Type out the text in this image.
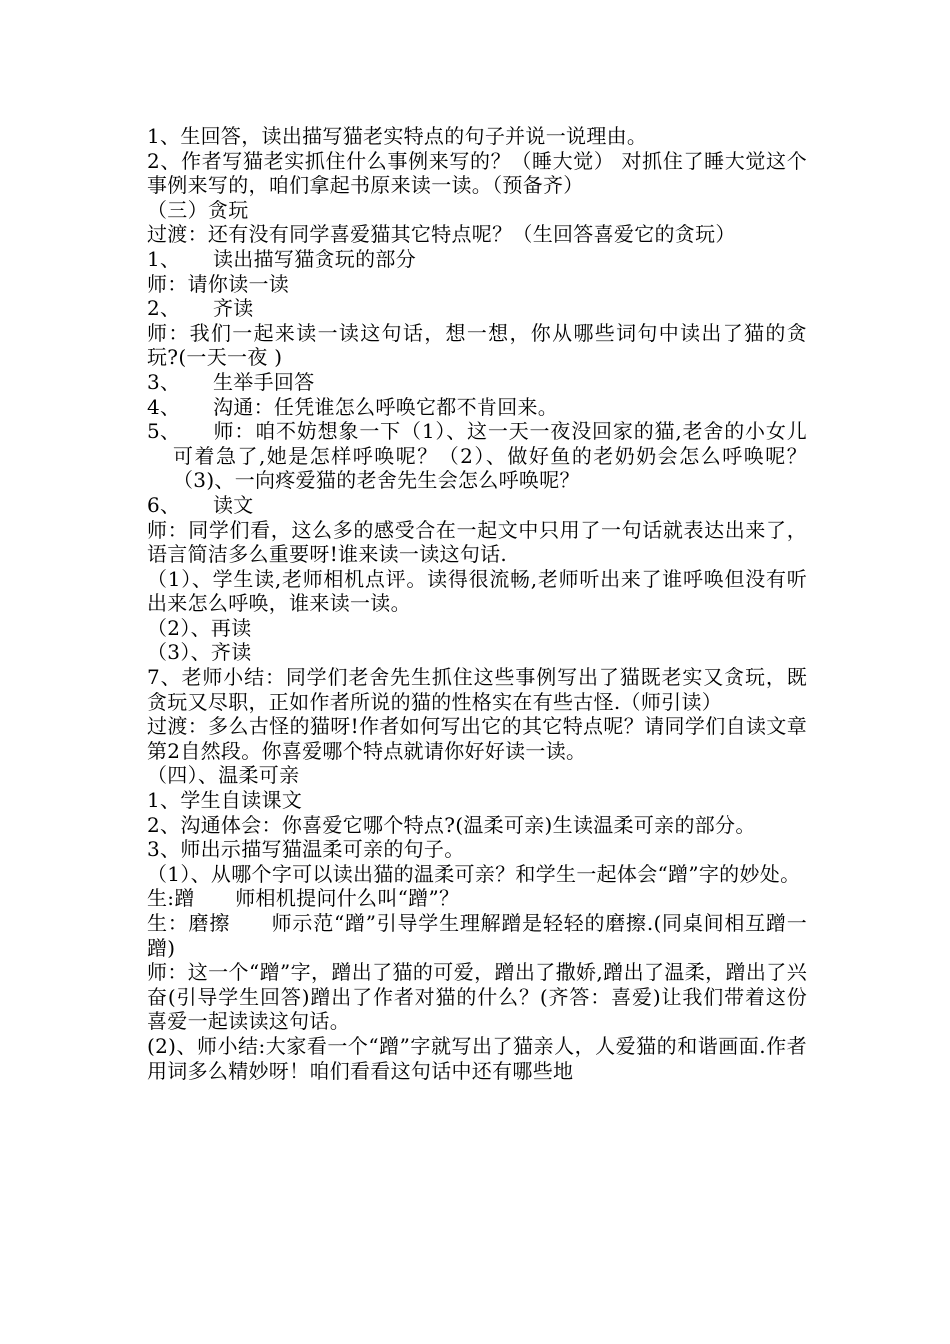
1、生回答，读出描写猫老实特点的句子并说一说理由。

2、作者写猫老实抓住什么事例来写的？（睡大觉） 对抓住了睡大觉这个事例来写的，咱们拿起书原来读一读。（预备齐）

（三）贪玩

过渡：还有没有同学喜爱猫其它特点呢？（生回答喜爱它的贪玩）

1、 读出描写猫贪玩的部分

师：请你读一读

2、 齐读

师：我们一起来读一读这句话，想一想，你从哪些词句中读出了猫的贪玩?(一天一夜 )

3、 生举手回答

4、 沟通：任凭谁怎么呼唤它都不肯回来。

5、 师：咱不妨想象一下（1）、这一天一夜没回家的猫,老舍的小女儿可着急了,她是怎样呼唤呢？（2）、做好鱼的老奶奶会怎么呼唤呢？（3)、一向疼爱猫的老舍先生会怎么呼唤呢？

6、 读文

师：同学们看，这么多的感受合在一起文中只用了一句话就表达出来了，语言简洁多么重要呀!谁来读一读这句话.

（1）、学生读,老师相机点评。读得很流畅,老师听出来了谁呼唤但没有听出来怎么呼唤，谁来读一读。

（2）、再读

（3）、齐读

7、老师小结：同学们老舍先生抓住这些事例写出了猫既老实又贪玩，既贪玩又尽职，正如作者所说的猫的性格实在有些古怪.（师引读）

过渡：多么古怪的猫呀!作者如何写出它的其它特点呢？请同学们自读文章第2自然段。你喜爱哪个特点就请你好好读一读。

（四）、温柔可亲

1、学生自读课文

2、沟通体会：你喜爱它哪个特点?(温柔可亲)生读温柔可亲的部分。

3、师出示描写猫温柔可亲的句子。

（1）、从哪个字可以读出猫的温柔可亲？和学生一起体会“蹭”字的妙处。

生:蹭　　师相机提问什么叫“蹭”？

生：磨擦　　师示范“蹭”引导学生理解蹭是轻轻的磨擦.(同桌间相互蹭一蹭)

师：这一个“蹭”字，蹭出了猫的可爱，蹭出了撒娇,蹭出了温柔，蹭出了兴奋(引导学生回答)蹭出了作者对猫的什么？(齐答：喜爱)让我们带着这份喜爱一起读读这句话。

(2)、师小结:大家看一个“蹭”字就写出了猫亲人，人爱猫的和谐画面.作者用词多么精妙呀！咱们看看这句话中还有哪些地
